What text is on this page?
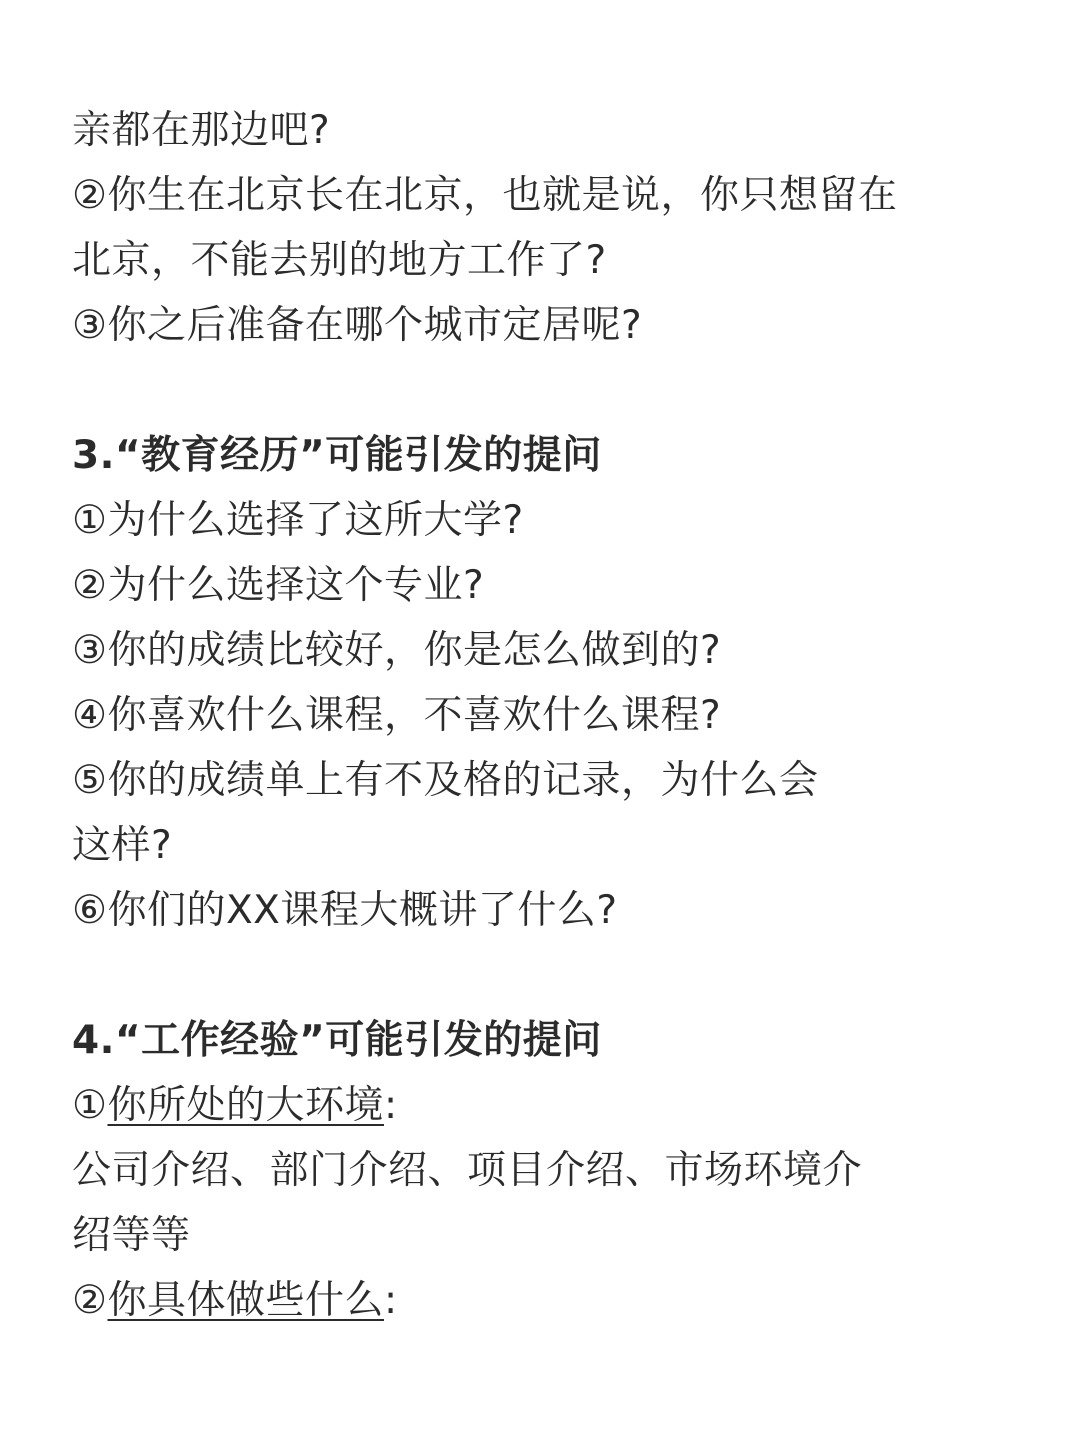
亲都在那边吧?
②你生在北京长在北京，也就是说，你只想留在
北京，不能去别的地方工作了?
③你之后准备在哪个城市定居呢?
3.“教育经历”可能引发的提问
①为什么选择了这所大学?
②为什么选择这个专业?
③你的成绩比较好，你是怎么做到的?
④你喜欢什么课程，不喜欢什么课程?
⑤你的成绩单上有不及格的记录，为什么会
这样?
⑥你们的XX课程大概讲了什么?
4.“工作经验”可能引发的提问
①你所处的大环境:
公司介绍、部门介绍、项目介绍、市场环境介
绍等等
②你具体做些什么:
